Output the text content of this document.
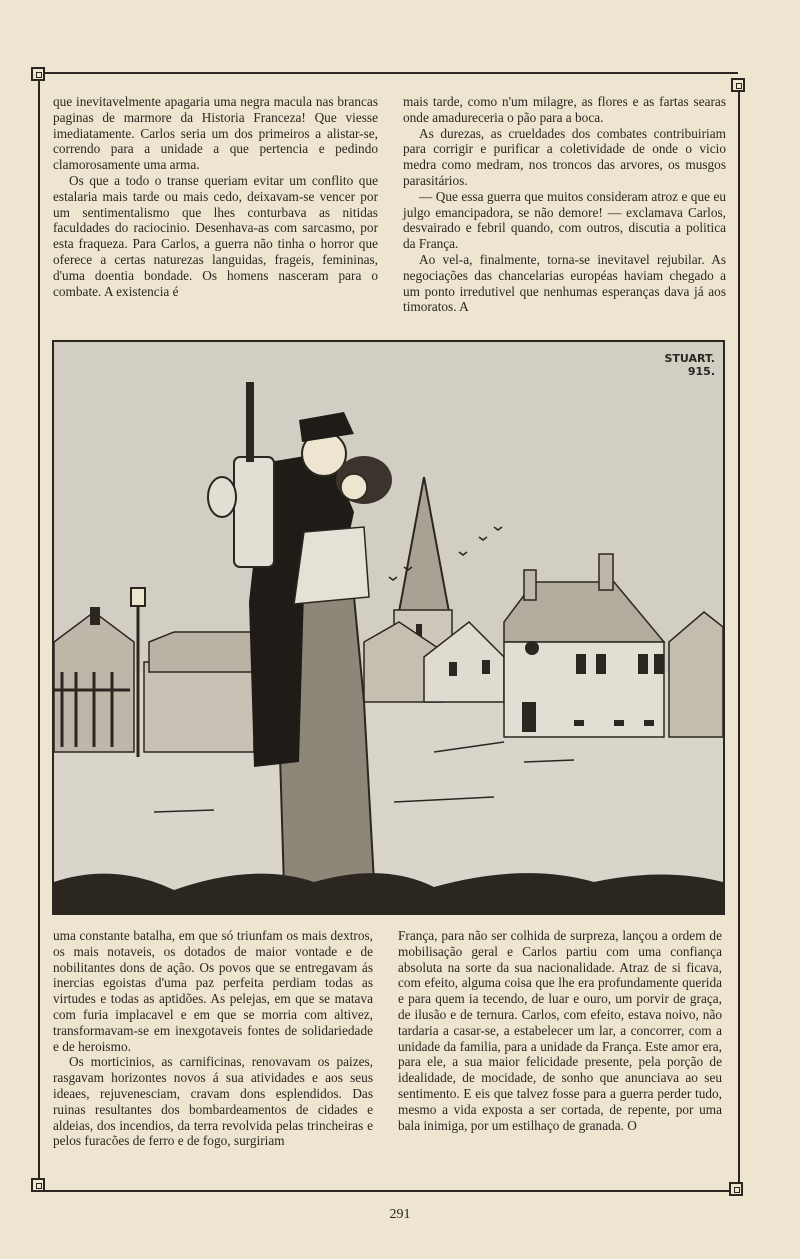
que inevitavelmente apagaria uma negra macula nas brancas paginas de marmore da Historia Franceza! Que viesse imediatamente. Carlos seria um dos primeiros a alistar-se, correndo para a unidade a que pertencia e pedindo clamorosamente uma arma.

Os que a todo o transe queriam evitar um conflito que estalaria mais tarde ou mais cedo, deixavam-se vencer por um sentimentalismo que lhes conturbava as nitidas faculdades do raciocinio. Desenhava-as com sarcasmo, por esta fraqueza. Para Carlos, a guerra não tinha o horror que oferece a certas naturezas languidas, frageis, femininas, d'uma doentia bondade. Os homens nasceram para o combate. A existencia é

mais tarde, como n'um milagre, as flores e as fartas searas onde amadureceria o pão para a boca.

As durezas, as crueldades dos combates contribuiriam para corrigir e purificar a coletividade de onde o vicio medra como medram, nos troncos das arvores, os musgos parasitários.

— Que essa guerra que muitos consideram atroz e que eu julgo emancipadora, se não demore! — exclamava Carlos, desvairado e febril quando, com outros, discutia a politica da França.

Ao vel-a, finalmente, torna-se inevitavel rejubilar. As negociações das chancelarias européas haviam chegado a um ponto irredutivel que nenhumas esperanças dava já aos timoratos. A

STUART.
915.

uma constante batalha, em que só triunfam os mais dextros, os mais notaveis, os dotados de maior vontade e de nobilitantes dons de ação. Os povos que se entregavam ás inercias egoistas d'uma paz perfeita perdiam todas as virtudes e todas as aptidões. As pelejas, em que se matava com furia implacavel e em que se morria com altivez, transformavam-se em inexgotaveis fontes de solidariedade e de heroismo.

Os morticinios, as carnificinas, renovavam os paizes, rasgavam horizontes novos á sua atividades e aos seus ideaes, rejuvenesciam, cravam dons esplendidos. Das ruinas resultantes dos bombardeamentos de cidades e aldeias, dos incendios, da terra revolvida pelas trincheiras e pelos furacões de ferro e de fogo, surgiriam

França, para não ser colhida de surpreza, lançou a ordem de mobilisação geral e Carlos partiu com uma confiança absoluta na sorte da sua nacionalidade. Atraz de si ficava, com efeito, alguma coisa que lhe era profundamente querida e para quem ia tecendo, de luar e ouro, um porvir de graça, de ilusão e de ternura. Carlos, com efeito, estava noivo, não tardaria a casar-se, a estabelecer um lar, a concorrer, com a unidade da familia, para a unidade da França. Este amor era, para ele, a sua maior felicidade presente, pela porção de idealidade, de mocidade, de sonho que anunciava ao seu sentimento. E eis que talvez fosse para a guerra perder tudo, mesmo a vida exposta a ser cortada, de repente, por uma bala inimiga, por um estilhaço de granada. O

291
